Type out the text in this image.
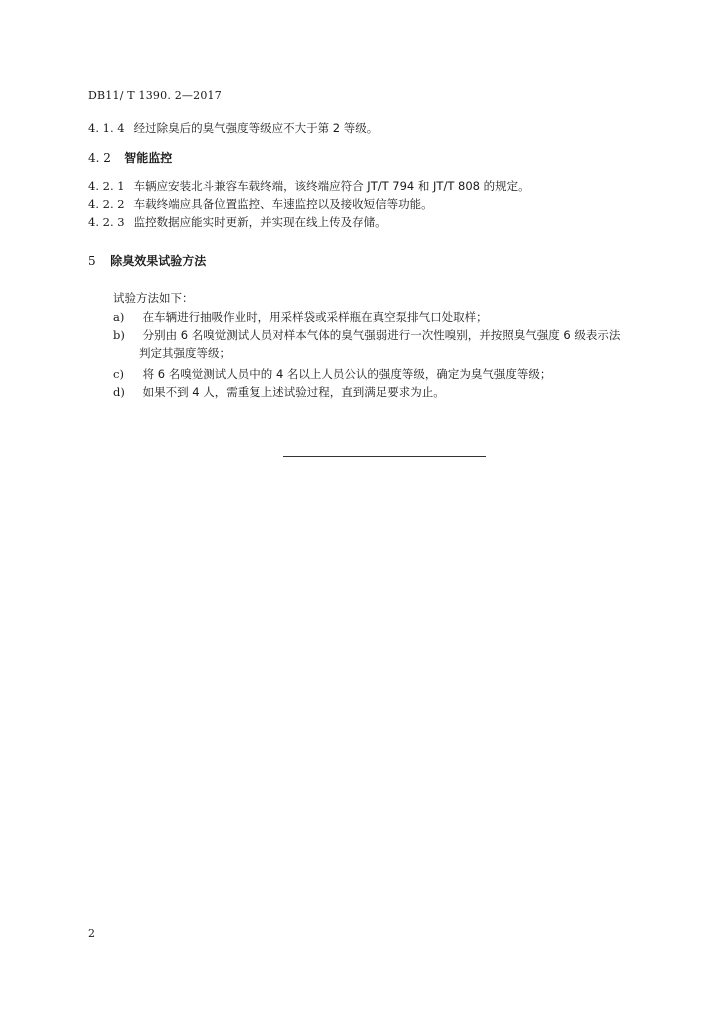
DB11/ T 1390. 2—2017
4. 1. 4 经过除臭后的臭气强度等级应不大于第 2 等级。
4. 2 智能监控
4. 2. 1 车辆应安装北斗兼容车载终端，该终端应符合 JT/T 794 和 JT/T 808 的规定。
4. 2. 2 车载终端应具备位置监控、车速监控以及接收短信等功能。
4. 2. 3 监控数据应能实时更新，并实现在线上传及存储。
5 除臭效果试验方法
试验方法如下：
a) 在车辆进行抽吸作业时，用采样袋或采样瓶在真空泵排气口处取样；
b) 分别由 6 名嗅觉测试人员对样本气体的臭气强弱进行一次性嗅别，并按照臭气强度 6 级表示法
判定其强度等级；
c) 将 6 名嗅觉测试人员中的 4 名以上人员公认的强度等级，确定为臭气强度等级；
d) 如果不到 4 人，需重复上述试验过程，直到满足要求为止。
2
